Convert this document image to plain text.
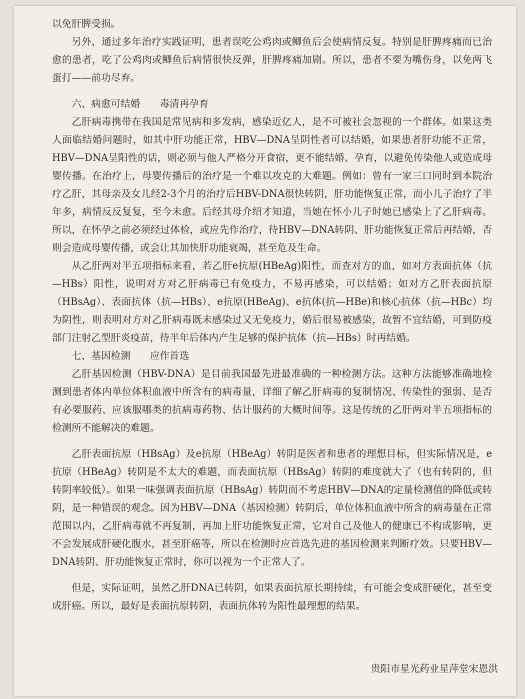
以免肝脾受损。

另外，通过多年治疗实践证明，患者误吃公鸡肉或鲫鱼后会使病情反复。特别是肝脾疼痛而已治愈的患者，吃了公鸡肉或鲫鱼后病情很快反弹，肝脾疼痛加剧。所以，患者不要为嘴伤身，以免两飞蛋打——前功尽弃。

六、病愈可结婚　　毒清再孕育

乙肝病毒携带在我国是常见病和多发病，感染近亿人，是不可被社会忽视的一个群体。如果这类人面临结婚问题时，如其中肝功能正常，HBV—DNA呈阴性者可以结婚，如果患者肝功能不正常，HBV—DNA呈阳性的话，则必须与他人严格分开食宿，更不能结婚、孕育，以避免传染他人或造成母婴传播。在治疗上，母婴传播后的治疗是一个难以攻克的大难题。例如：曾有一家三口同时到本院治疗乙肝，其母亲及女儿经2-3个月的治疗后HBV-DNA很快转阴，肝功能恢复正常，而小儿子治疗了半年多，病情反反复复，至今未愈。后经其母介绍才知道，当她在怀小儿子时她已感染上了乙肝病毒。所以，在怀孕之前必须经过体检，或应先作治疗，待HBV—DNA转阴、肝功能恢复正常后再结婚，否则会造成母婴传播，或会让其加快肝功能衰竭，甚至危及生命。

从乙肝两对半五项指标来看，若乙肝e抗原(HBeAg)阳性，而查对方的血，如对方表面抗体（抗—HBs）阳性，说明对方对乙肝病毒已有免疫力，不易再感染，可以结婚；如对方乙肝表面抗原（HBsAg）、表面抗体（抗—HBs）、e抗原(HBeAg)、e抗体(抗—HBe)和核心抗体（抗—HBc）均为阴性，则表明对方对乙肝病毒既未感染过又无免疫力，婚后很易被感染，故暂不宜结婚，可到防疫部门注射乙型肝炎疫苗，待半年后体内产生足够的保护抗体（抗—HBs）时再结婚。

七、基因检测　　应作首选

乙肝基因检测（HBV-DNA）是目前我国最先进最准确的一种检测方法。这种方法能够准确地检测到患者体内单位体积血液中所含有的病毒量，详细了解乙肝病毒的复制情况、传染性的强弱、是否有必要服药、应该服哪类的抗病毒药物、估计服药的大概时间等。这是传统的乙肝两对半五项指标的检测所不能解决的难题。

乙肝表面抗原（HBsAg）及e抗原（HBeAg）转阴是医者和患者的理想目标，但实际情况是，e抗原（HBeAg）转阴是不太大的难题，而表面抗原（HBsAg）转阴的难度就大了（也有转阴的，但转阴率较低）。如果一味强调表面抗原（HBsAg）转阴而不考虑HBV—DNA的定量检测值的降低或转阴，是一种错误的观念。因为HBV—DNA（基因检测）转阴后，单位体积血液中所含的病毒量在正常范围以内，乙肝病毒就不再复制，再加上肝功能恢复正常，它对自己及他人的健康已不构成影响，更不会发展成肝硬化腹水，甚至肝癌等，所以在检测时应首选先进的基因检测来判断疗效。只要HBV—DNA转阴、肝功能恢复正常时，你可以视为一个正常人了。

但是，实际证明，虽然乙肝DNA已转阴，如果表面抗原长期持续，有可能会变成肝硬化，甚至变成肝癌。所以，最好是表面抗原转阴，表面抗体转为阳性最理想的结果。

贵阳市星光药业星萍堂宋恩洪
